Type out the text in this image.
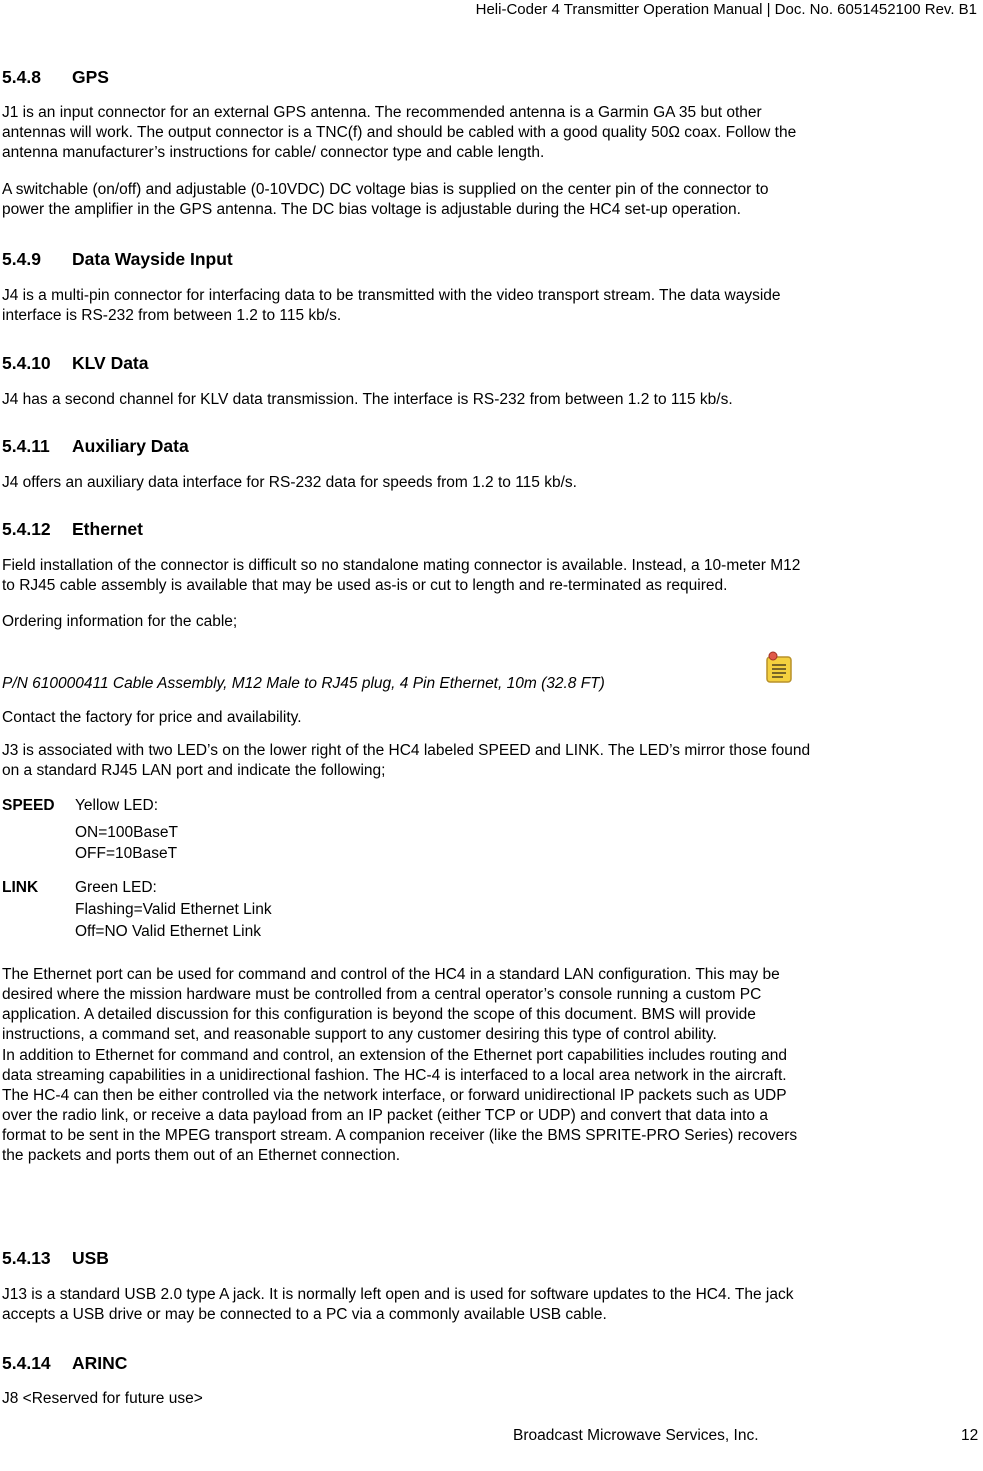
Heli-Coder 4 Transmitter Operation Manual | Doc. No. 6051452100 Rev. B1
5.4.8 GPS
J1 is an input connector for an external GPS antenna. The recommended antenna is a Garmin GA 35 but other
antennas will work. The output connector is a TNC(f) and should be cabled with a good quality 50Ω coax. Follow the
antenna manufacturer’s instructions for cable/ connector type and cable length.
A switchable (on/off) and adjustable (0-10VDC) DC voltage bias is supplied on the center pin of the connector to
power the amplifier in the GPS antenna. The DC bias voltage is adjustable during the HC4 set-up operation.
5.4.9 Data Wayside Input
J4 is a multi-pin connector for interfacing data to be transmitted with the video transport stream. The data wayside
interface is RS-232 from between 1.2 to 115 kb/s.
5.4.10 KLV Data
J4 has a second channel for KLV data transmission. The interface is RS-232 from between 1.2 to 115 kb/s.
5.4.11 Auxiliary Data
J4 offers an auxiliary data interface for RS-232 data for speeds from 1.2 to 115 kb/s.
5.4.12 Ethernet
Field installation of the connector is difficult so no standalone mating connector is available. Instead, a 10-meter M12
to RJ45 cable assembly is available that may be used as-is or cut to length and re-terminated as required.
Ordering information for the cable;
P/N 610000411 Cable Assembly, M12 Male to RJ45 plug, 4 Pin Ethernet, 10m (32.8 FT)
Contact the factory for price and availability.
J3 is associated with two LED’s on the lower right of the HC4 labeled SPEED and LINK. The LED’s mirror those found
on a standard RJ45 LAN port and indicate the following;
SPEED Yellow LED:
ON=100BaseT
OFF=10BaseT
LINK Green LED:
Flashing=Valid Ethernet Link
Off=NO Valid Ethernet Link
The Ethernet port can be used for command and control of the HC4 in a standard LAN configuration. This may be
desired where the mission hardware must be controlled from a central operator’s console running a custom PC
application. A detailed discussion for this configuration is beyond the scope of this document. BMS will provide
instructions, a command set, and reasonable support to any customer desiring this type of control ability.
In addition to Ethernet for command and control, an extension of the Ethernet port capabilities includes routing and
data streaming capabilities in a unidirectional fashion. The HC-4 is interfaced to a local area network in the aircraft.
The HC-4 can then be either controlled via the network interface, or forward unidirectional IP packets such as UDP
over the radio link, or receive a data payload from an IP packet (either TCP or UDP) and convert that data into a
format to be sent in the MPEG transport stream. A companion receiver (like the BMS SPRITE-PRO Series) recovers
the packets and ports them out of an Ethernet connection.
5.4.13 USB
J13 is a standard USB 2.0 type A jack. It is normally left open and is used for software updates to the HC4. The jack
accepts a USB drive or may be connected to a PC via a commonly available USB cable.
5.4.14 ARINC
J8 <Reserved for future use>
Broadcast Microwave Services, Inc.	12
